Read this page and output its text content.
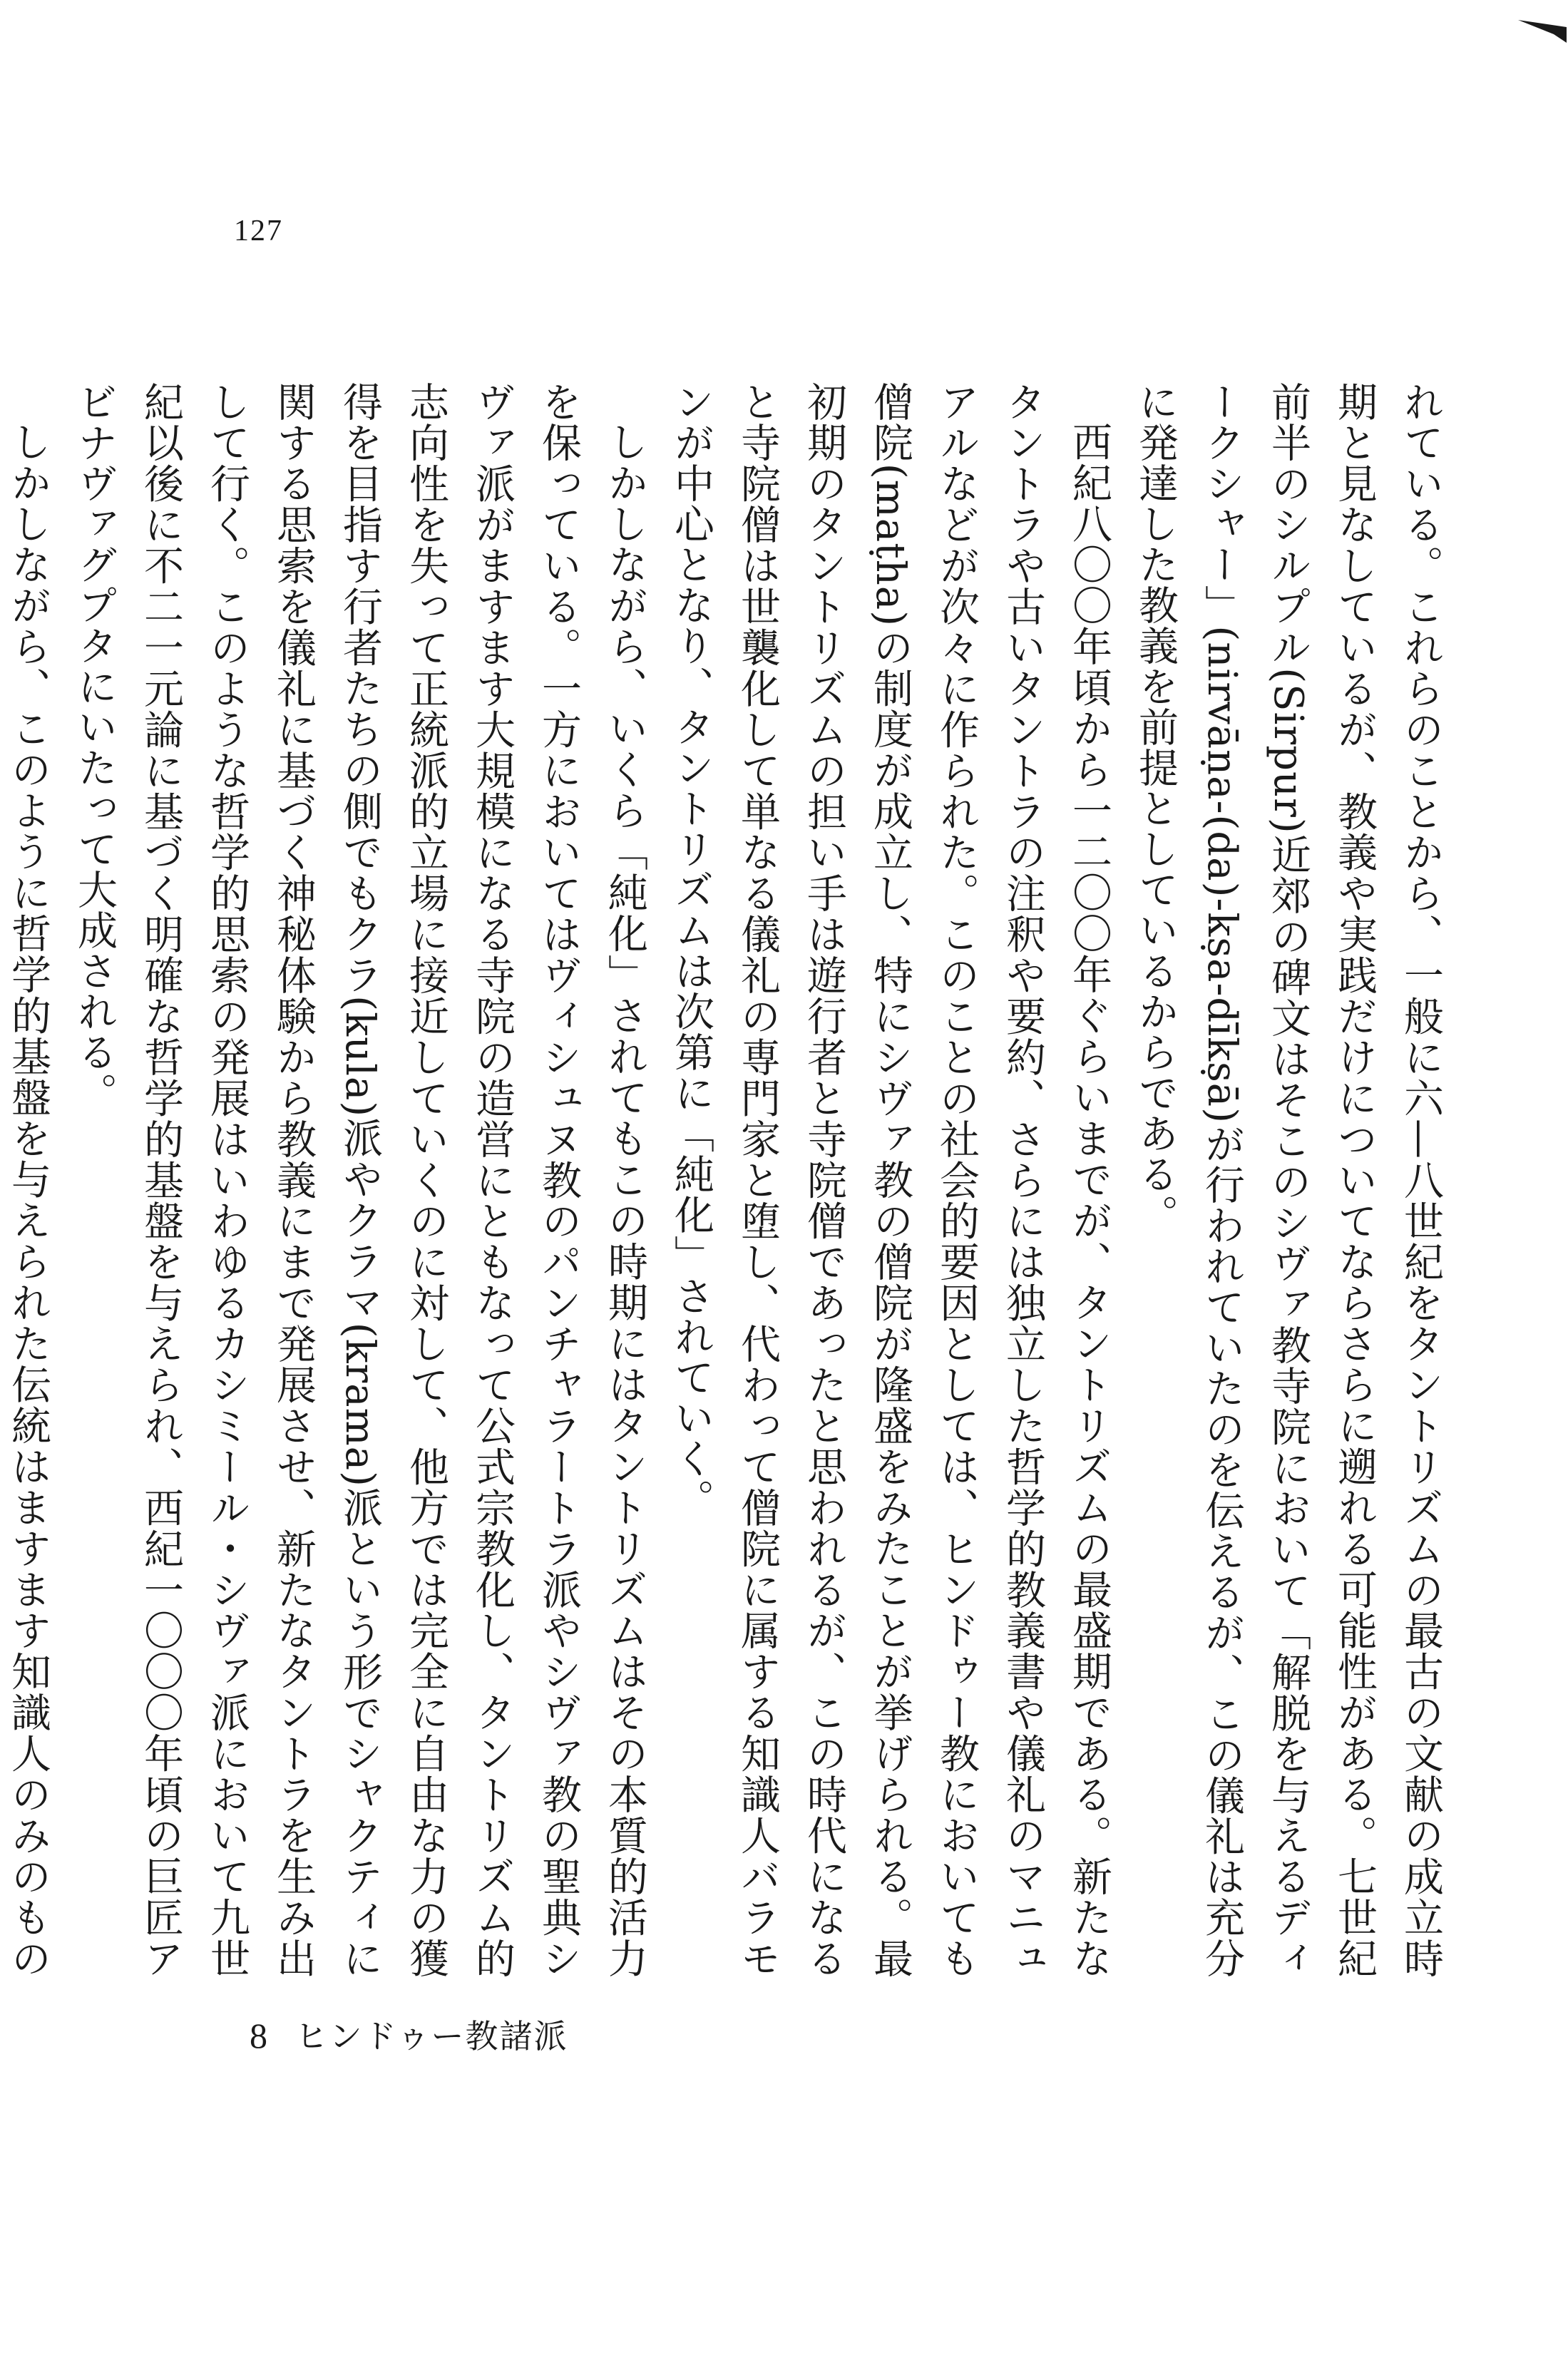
127

れている。これらのことから、一般に六—八世紀をタントリズムの最古の文献の成立時期と見なしているが、教義や実践だけについてならさらに遡れる可能性がある。七世紀前半のシルプル(Sirpur)近郊の碑文はそこのシヴァ教寺院において「解脱を与えるディークシャー」(nirvāṇa-(da)-kṣa-dīkṣā)が行われていたのを伝えるが、この儀礼は充分に発達した教義を前提としているからである。

西紀八〇〇年頃から一二〇〇年ぐらいまでが、タントリズムの最盛期である。新たなタントラや古いタントラの注釈や要約、さらには独立した哲学的教義書や儀礼のマニュアルなどが次々に作られた。このことの社会的要因としては、ヒンドゥー教においても僧院(maṭha)の制度が成立し、特にシヴァ教の僧院が隆盛をみたことが挙げられる。最初期のタントリズムの担い手は遊行者と寺院僧であったと思われるが、この時代になると寺院僧は世襲化して単なる儀礼の専門家と堕し、代わって僧院に属する知識人バラモンが中心となり、タントリズムは次第に「純化」されていく。

しかしながら、いくら「純化」されてもこの時期にはタントリズムはその本質的活力を保っている。一方においてはヴィシュヌ教のパンチャラートラ派やシヴァ教の聖典シヴァ派がますます大規模になる寺院の造営にともなって公式宗教化し、タントリズム的志向性を失って正統派的立場に接近していくのに対して、他方では完全に自由な力の獲得を目指す行者たちの側でもクラ(kula)派やクラマ(krama)派という形でシャクティに関する思索を儀礼に基づく神秘体験から教義にまで発展させ、新たなタントラを生み出して行く。このような哲学的思索の発展はいわゆるカシミール・シヴァ派において九世紀以後に不二一元論に基づく明確な哲学的基盤を与えられ、西紀一〇〇〇年頃の巨匠アビナヴァグプタにいたって大成される。

しかしながら、このように哲学的基盤を与えられた伝統はますます知識人のみのもの

8 ヒンドゥー教諸派
